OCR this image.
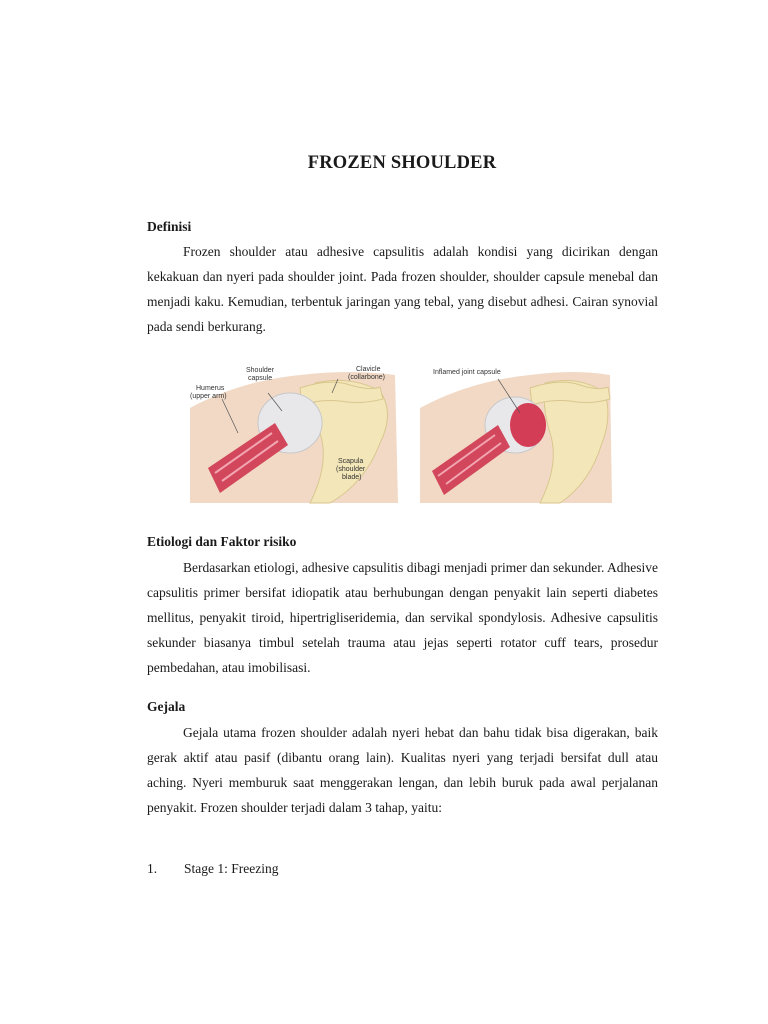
FROZEN SHOULDER
Definisi

Frozen shoulder atau adhesive capsulitis adalah kondisi yang dicirikan dengan kekakuan dan nyeri pada shoulder joint. Pada frozen shoulder, shoulder capsule menebal dan menjadi kaku. Kemudian, terbentuk jaringan yang tebal, yang disebut adhesi. Cairan synovial pada sendi berkurang.

Shoulder
capsule
Clavicle
(collarbone)
Humerus
(upper arm)
Scapula
(shoulder
blade)
Inflamed joint capsule
Etiologi dan Faktor risiko

Berdasarkan etiologi, adhesive capsulitis dibagi menjadi primer dan sekunder. Adhesive capsulitis primer bersifat idiopatik atau berhubungan dengan penyakit lain seperti diabetes mellitus, penyakit tiroid, hipertrigliseridemia, dan servikal spondylosis. Adhesive capsulitis sekunder biasanya timbul setelah trauma atau jejas seperti rotator cuff tears, prosedur pembedahan, atau imobilisasi.

Gejala

Gejala utama frozen shoulder adalah nyeri hebat dan bahu tidak bisa digerakan, baik gerak aktif atau pasif (dibantu orang lain). Kualitas nyeri yang terjadi bersifat dull atau aching. Nyeri memburuk saat menggerakan lengan, dan lebih buruk pada awal perjalanan penyakit. Frozen shoulder terjadi dalam 3 tahap, yaitu:

1. Stage 1: Freezing
